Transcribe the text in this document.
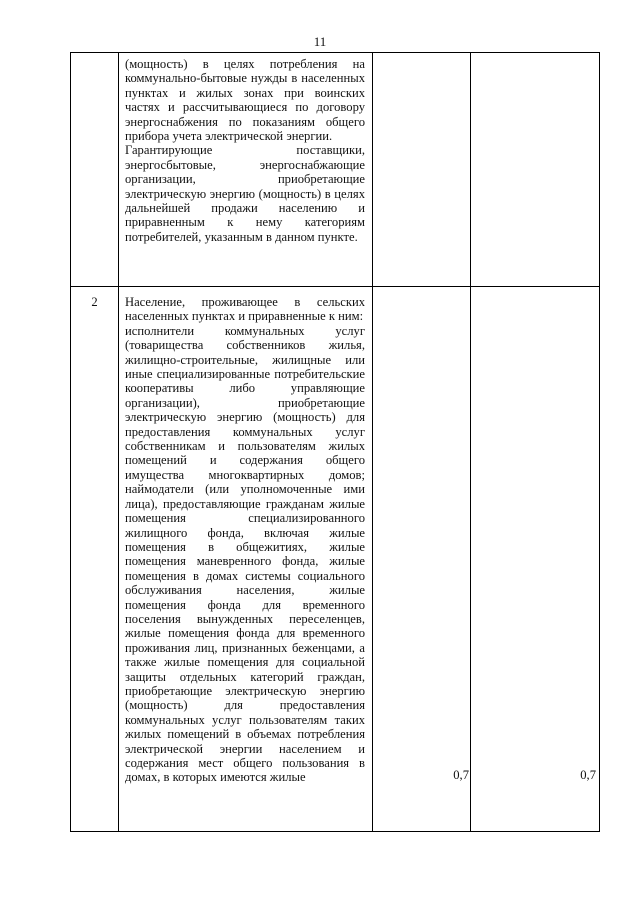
11

(мощность) в целях потребления на коммунально-бытовые нужды в населенных пунктах и жилых зонах при воинских частях и рассчитывающиеся по договору энергоснабжения по показаниям общего прибора учета электрической энергии.

Гарантирующие поставщики, энергосбытовые, энергоснабжающие организации, приобретающие электрическую энергию (мощность) в целях дальнейшей продажи населению и приравненным к нему категориям потребителей, указанным в данном пункте.

2	Население, проживающее в сельских населенных пунктах и приравненные к ним:

исполнители коммунальных услуг (товарищества собственников жилья, жилищно-строительные, жилищные или иные специализированные потребительские кооперативы либо управляющие организации), приобретающие электрическую энергию (мощность) для предоставления коммунальных услуг собственникам и пользователям жилых помещений и содержания общего имущества многоквартирных домов; наймодатели (или уполномоченные ими лица), предоставляющие гражданам жилые помещения специализированного жилищного фонда, включая жилые помещения в общежитиях, жилые помещения маневренного фонда, жилые помещения в домах системы социального обслуживания населения, жилые помещения фонда для временного поселения вынужденных переселенцев, жилые помещения фонда для временного проживания лиц, признанных беженцами, а также жилые помещения для социальной защиты отдельных категорий граждан, приобретающие электрическую энергию (мощность) для предоставления коммунальных услуг пользователям таких жилых помещений в объемах потребления электрической энергии населением и содержания мест общего пользования в домах, в которых имеются жилые	0,7	0,7
